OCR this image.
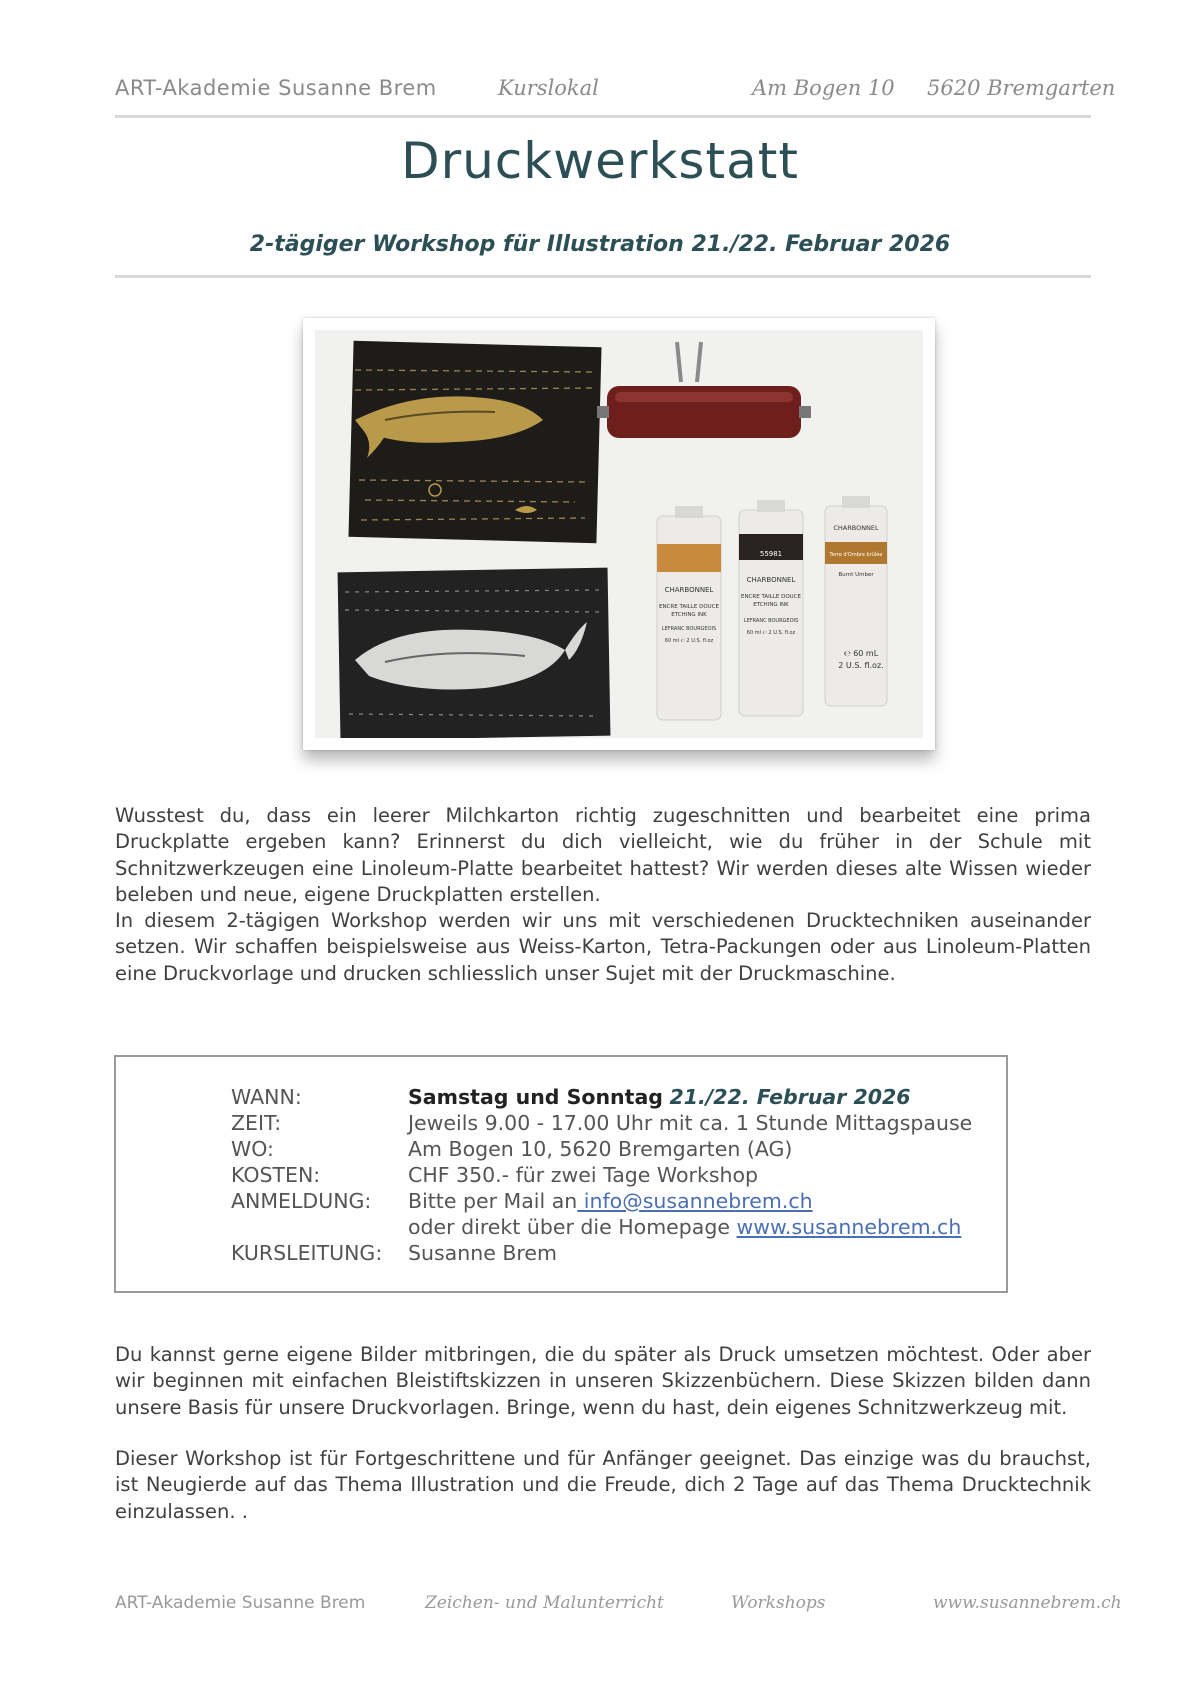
ART-Akademie Susanne Brem	Kurslokal	Am Bogen 10 5620 Bremgarten
Druckwerkstatt
2-tägiger Workshop für Illustration 21./22. Februar 2026
CHARBONNEL
ENCRE TAILLE DOUCE
ETCHING INK
LEFRANC BOURGEOIS
60 ml ℮ 2 U.S. fl.oz
55981
CHARBONNEL
ENCRE TAILLE DOUCE
ETCHING INK
LEFRANC BOURGEOIS
60 ml ℮ 2 U.S. fl.oz
CHARBONNEL
Terre d'Ombre brûlée
Burnt Umber
℮ 60 mL
2 U.S. fl.oz.

Wusstest du, dass ein leerer Milchkarton richtig zugeschnitten und bearbeitet eine prima Druckplatte ergeben kann? Erinnerst du dich vielleicht, wie du früher in der Schule mit Schnitzwerkzeugen eine Linoleum-Platte bearbeitet hattest? Wir werden dieses alte Wissen wieder beleben und neue, eigene Druckplatten erstellen.

In diesem 2-tägigen Workshop werden wir uns mit verschiedenen Drucktechniken auseinander setzen. Wir schaffen beispielsweise aus Weiss-Karton, Tetra-Packungen oder aus Linoleum-Platten eine Druckvorlage und drucken schliesslich unser Sujet mit der Druckmaschine.

WANN:	Samstag und Sonntag 21./22. Februar 2026
ZEIT:	Jeweils 9.00 - 17.00 Uhr mit ca. 1 Stunde Mittagspause
WO:	Am Bogen 10, 5620 Bremgarten (AG)
KOSTEN:	CHF 350.- für zwei Tage Workshop
ANMELDUNG: Bitte per Mail an info@susannebrem.ch
oder direkt über die Homepage www.susannebrem.ch
KURSLEITUNG: Susanne Brem

Du kannst gerne eigene Bilder mitbringen, die du später als Druck umsetzen möchtest. Oder aber wir beginnen mit einfachen Bleistiftskizzen in unseren Skizzenbüchern. Diese Skizzen bilden dann unsere Basis für unsere Druckvorlagen. Bringe, wenn du hast, dein eigenes Schnitzwerkzeug mit.

Dieser Workshop ist für Fortgeschrittene und für Anfänger geeignet. Das einzige was du brauchst, ist Neugierde auf das Thema Illustration und die Freude, dich 2 Tage auf das Thema Drucktechnik einzulassen. .

ART-Akademie Susanne Brem	Zeichen- und Malunterricht	Workshops	www.susannebrem.ch
